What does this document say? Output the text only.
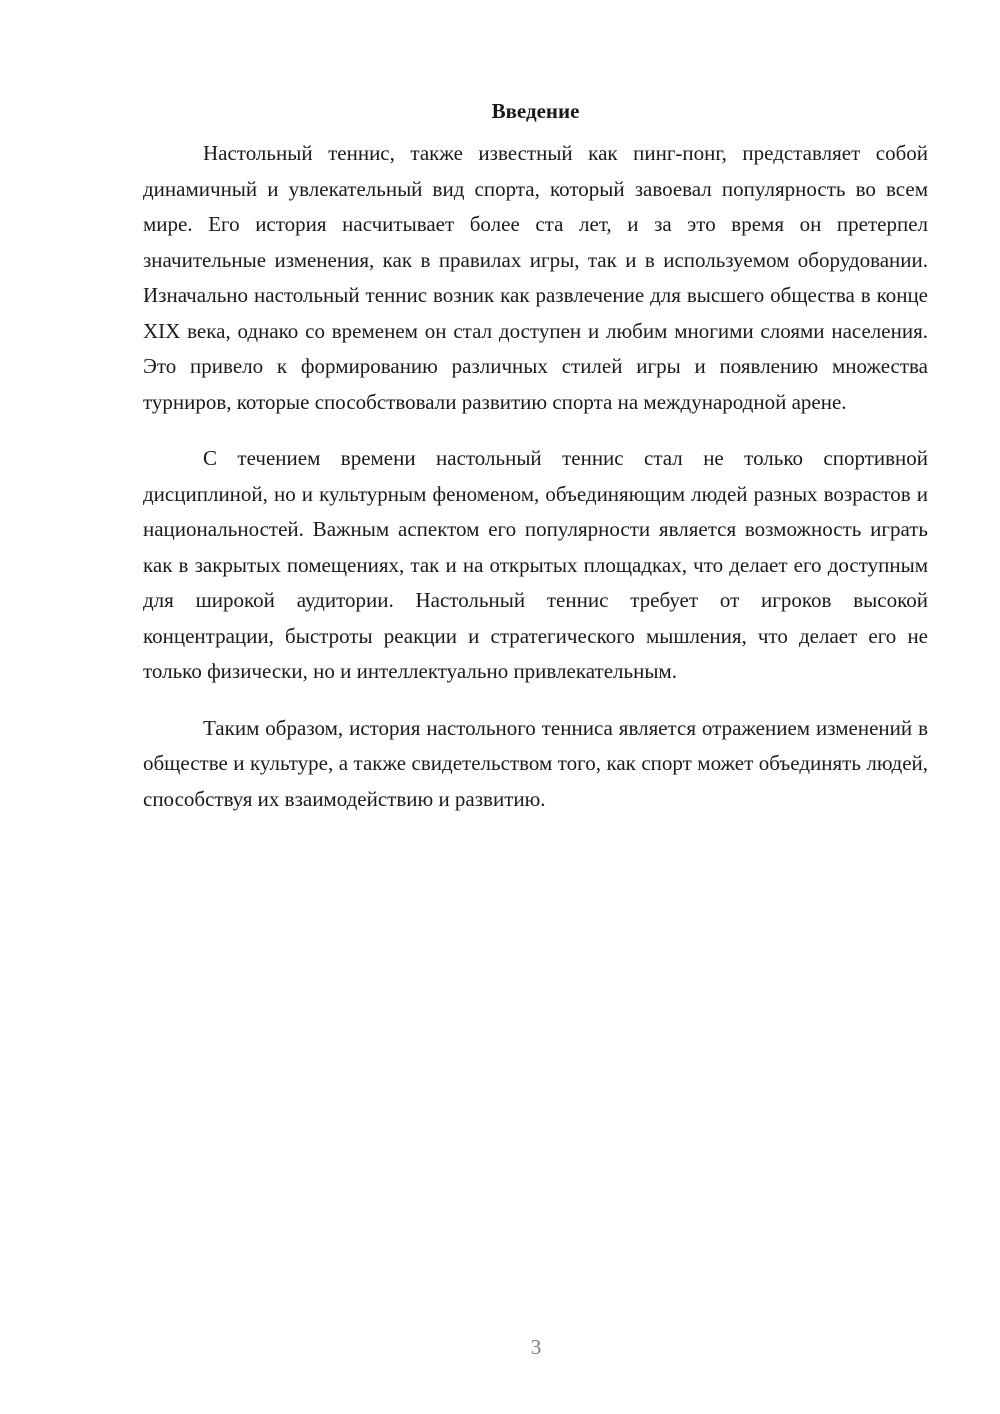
Введение

Настольный теннис, также известный как пинг-понг, представляет собой динамичный и увлекательный вид спорта, который завоевал популярность во всем мире. Его история насчитывает более ста лет, и за это время он претерпел значительные изменения, как в правилах игры, так и в используемом оборудовании. Изначально настольный теннис возник как развлечение для высшего общества в конце XIX века, однако со временем он стал доступен и любим многими слоями населения. Это привело к формированию различных стилей игры и появлению множества турниров, которые способствовали развитию спорта на международной арене.

С течением времени настольный теннис стал не только спортивной дисциплиной, но и культурным феноменом, объединяющим людей разных возрастов и национальностей. Важным аспектом его популярности является возможность играть как в закрытых помещениях, так и на открытых площадках, что делает его доступным для широкой аудитории. Настольный теннис требует от игроков высокой концентрации, быстроты реакции и стратегического мышления, что делает его не только физически, но и интеллектуально привлекательным.

Таким образом, история настольного тенниса является отражением изменений в обществе и культуре, а также свидетельством того, как спорт может объединять людей, способствуя их взаимодействию и развитию.

3
